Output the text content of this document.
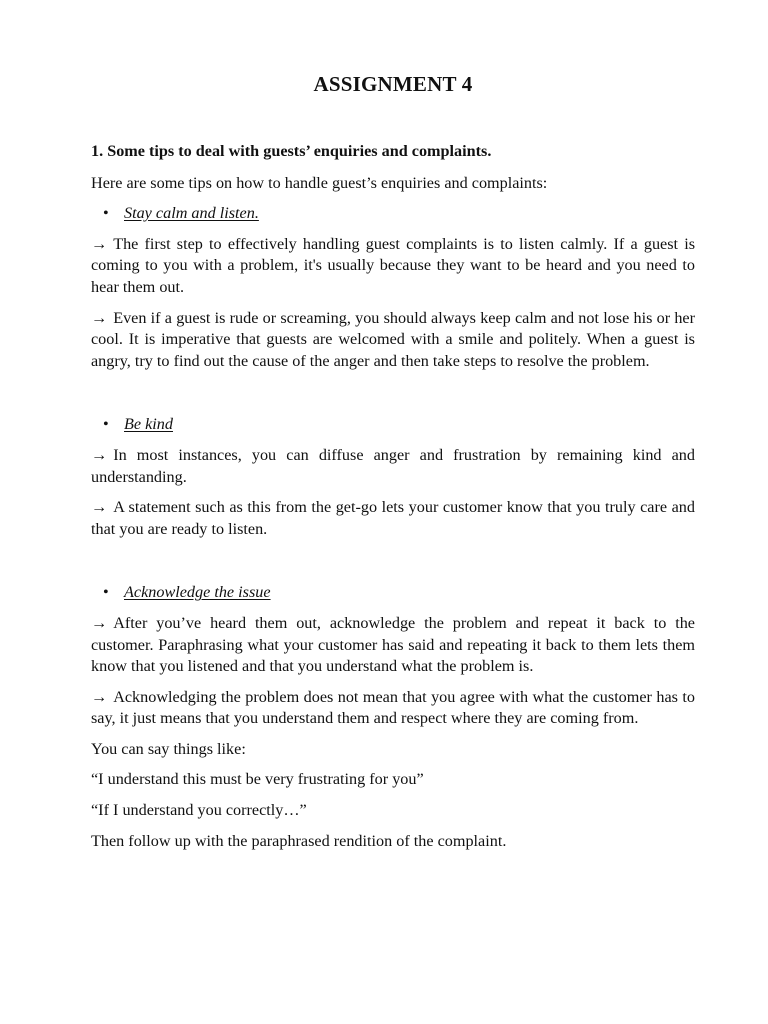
ASSIGNMENT 4

1. Some tips to deal with guests’ enquiries and complaints.

Here are some tips on how to handle guest’s enquiries and complaints:

• Stay calm and listen.

→ The first step to effectively handling guest complaints is to listen calmly. If a guest is coming to you with a problem, it's usually because they want to be heard and you need to hear them out.

→ Even if a guest is rude or screaming, you should always keep calm and not lose his or her cool. It is imperative that guests are welcomed with a smile and politely. When a guest is angry, try to find out the cause of the anger and then take steps to resolve the problem.

• Be kind

→ In most instances, you can diffuse anger and frustration by remaining kind and understanding.

→ A statement such as this from the get-go lets your customer know that you truly care and that you are ready to listen.

• Acknowledge the issue

→ After you’ve heard them out, acknowledge the problem and repeat it back to the customer. Paraphrasing what your customer has said and repeating it back to them lets them know that you listened and that you understand what the problem is.

→ Acknowledging the problem does not mean that you agree with what the customer has to say, it just means that you understand them and respect where they are coming from.

You can say things like:

“I understand this must be very frustrating for you”

“If I understand you correctly…”

Then follow up with the paraphrased rendition of the complaint.
